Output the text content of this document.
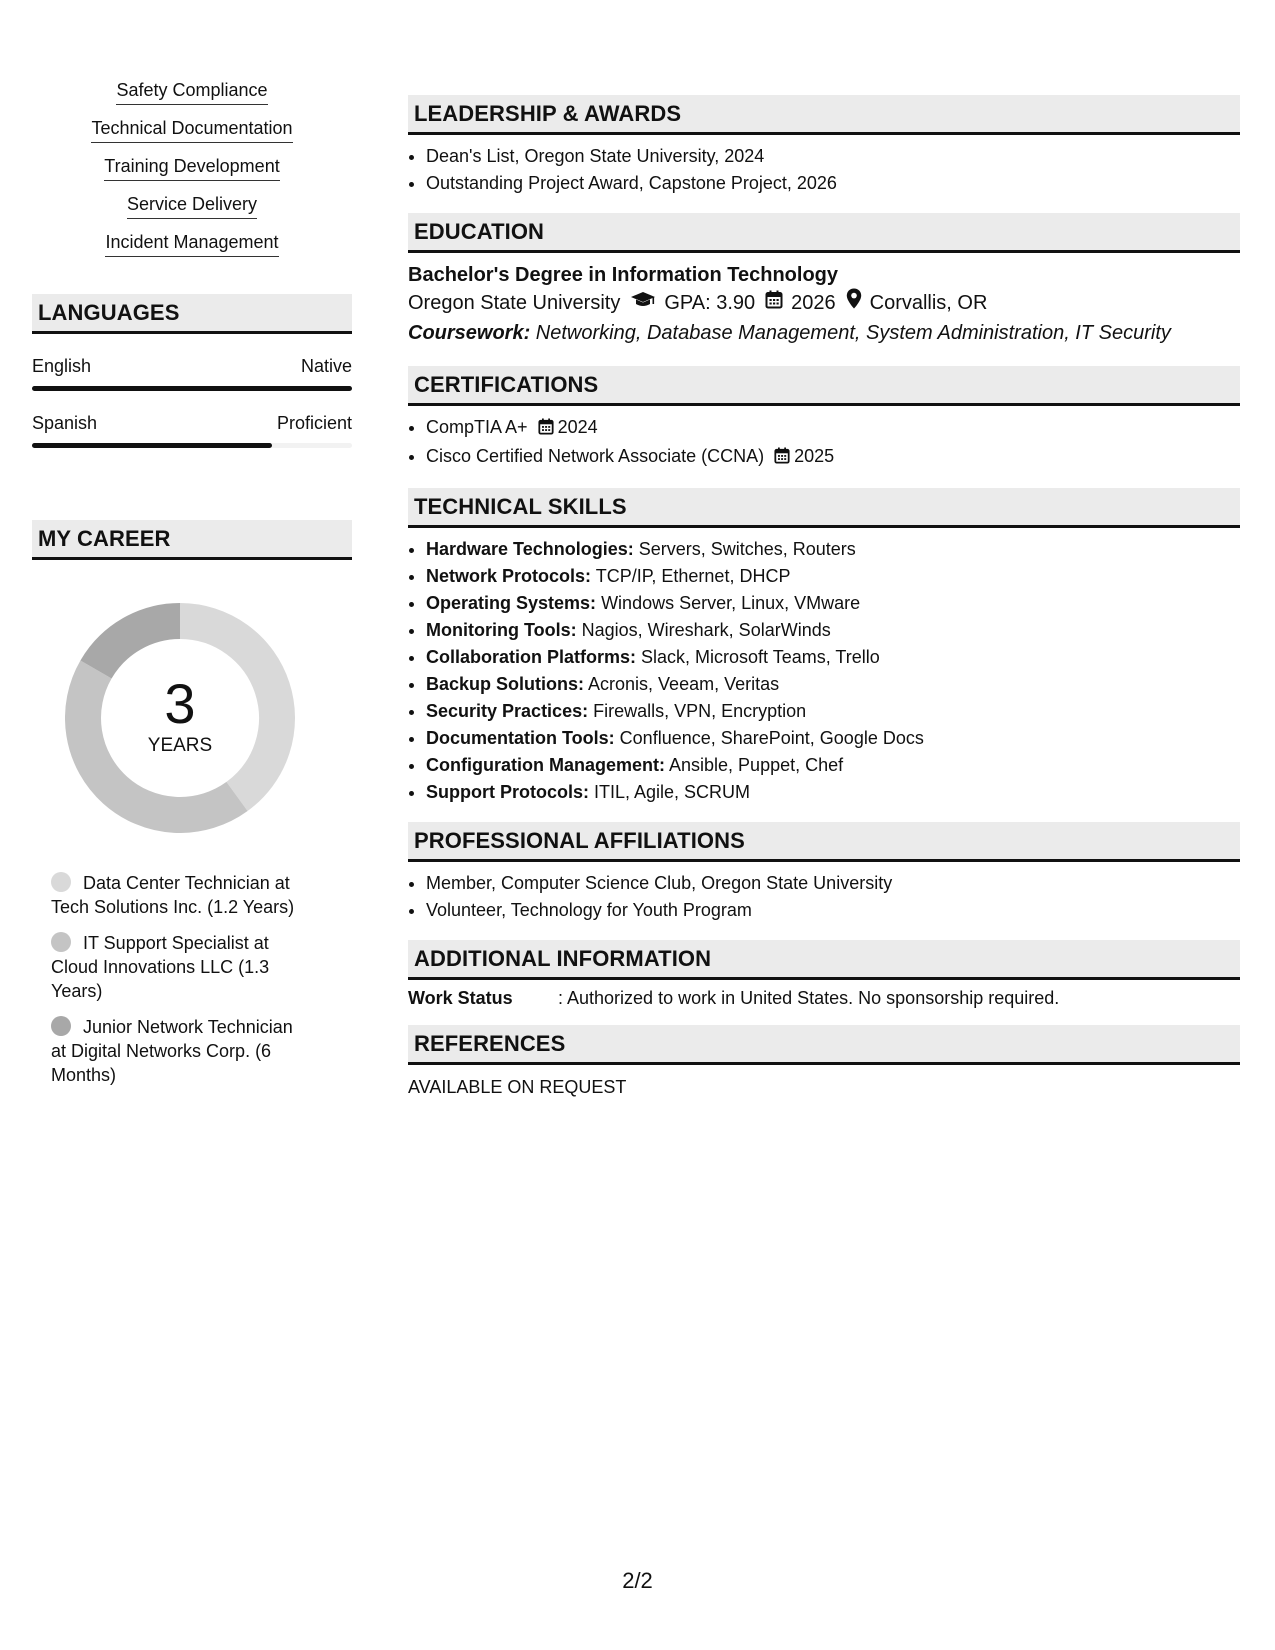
Safety Compliance
Technical Documentation
Training Development
Service Delivery
Incident Management
LANGUAGES
English	Native
Spanish	Proficient
MY CAREER
3
YEARS
Data Center Technician at Tech Solutions Inc. (1.2 Years)
IT Support Specialist at Cloud Innovations LLC (1.3 Years)
Junior Network Technician at Digital Networks Corp. (6 Months)
LEADERSHIP & AWARDS
• Dean's List, Oregon State University, 2024
• Outstanding Project Award, Capstone Project, 2026
EDUCATION
Bachelor's Degree in Information Technology
Oregon State University GPA: 3.90 2026 Corvallis, OR
Coursework: Networking, Database Management, System Administration, IT Security
CERTIFICATIONS
• CompTIA A+ 2024
• Cisco Certified Network Associate (CCNA) 2025
TECHNICAL SKILLS
• Hardware Technologies: Servers, Switches, Routers
• Network Protocols: TCP/IP, Ethernet, DHCP
• Operating Systems: Windows Server, Linux, VMware
• Monitoring Tools: Nagios, Wireshark, SolarWinds
• Collaboration Platforms: Slack, Microsoft Teams, Trello
• Backup Solutions: Acronis, Veeam, Veritas
• Security Practices: Firewalls, VPN, Encryption
• Documentation Tools: Confluence, SharePoint, Google Docs
• Configuration Management: Ansible, Puppet, Chef
• Support Protocols: ITIL, Agile, SCRUM
PROFESSIONAL AFFILIATIONS
• Member, Computer Science Club, Oregon State University
• Volunteer, Technology for Youth Program
ADDITIONAL INFORMATION
Work Status	: Authorized to work in United States. No sponsorship required.
REFERENCES
AVAILABLE ON REQUEST
2/2
